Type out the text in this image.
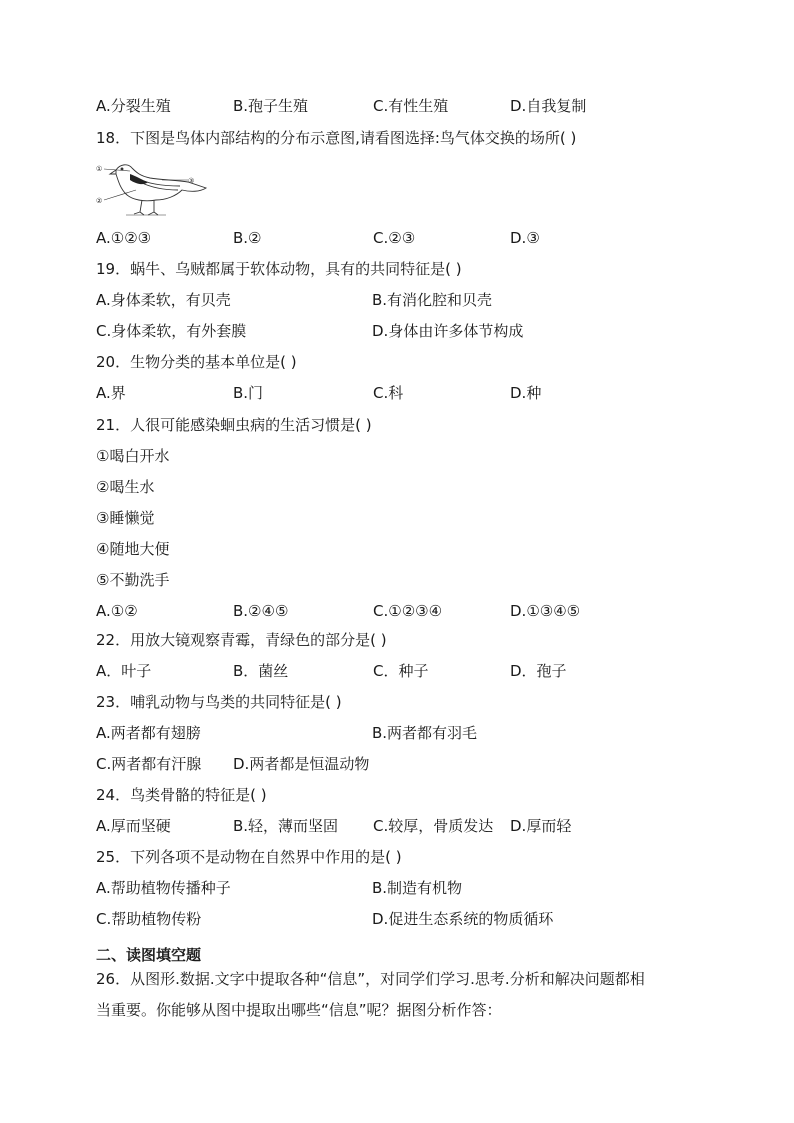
A.分裂生殖	B.孢子生殖	C.有性生殖	D.自我复制
18．下图是鸟体内部结构的分布示意图,请看图选择:鸟气体交换的场所( )
①
②
③
A.①②③	B.②	C.②③	D.③
19．蜗牛、乌贼都属于软体动物，具有的共同特征是( )
A.身体柔软，有贝壳	B.有消化腔和贝壳
C.身体柔软，有外套膜	D.身体由许多体节构成
20．生物分类的基本单位是( )
A.界	B.门	C.科	D.种
21．人很可能感染蛔虫病的生活习惯是( )
①喝白开水
②喝生水
③睡懒觉
④随地大便
⑤不勤洗手
A.①②	B.②④⑤	C.①②③④	D.①③④⑤
22．用放大镜观察青霉，青绿色的部分是( )
A．叶子	B．菌丝	C．种子	D．孢子
23．哺乳动物与鸟类的共同特征是( )
A.两者都有翅膀	B.两者都有羽毛
C.两者都有汗腺 D.两者都是恒温动物
24．鸟类骨骼的特征是( )
A.厚而坚硬	B.轻，薄而坚固 C.较厚，骨质发达 D.厚而轻
25．下列各项不是动物在自然界中作用的是( )
A.帮助植物传播种子	B.制造有机物
C.帮助植物传粉	D.促进生态系统的物质循环
二、读图填空题
26．从图形.数据.文字中提取各种“信息”，对同学们学习.思考.分析和解决问题都相
当重要。你能够从图中提取出哪些“信息”呢？据图分析作答：
